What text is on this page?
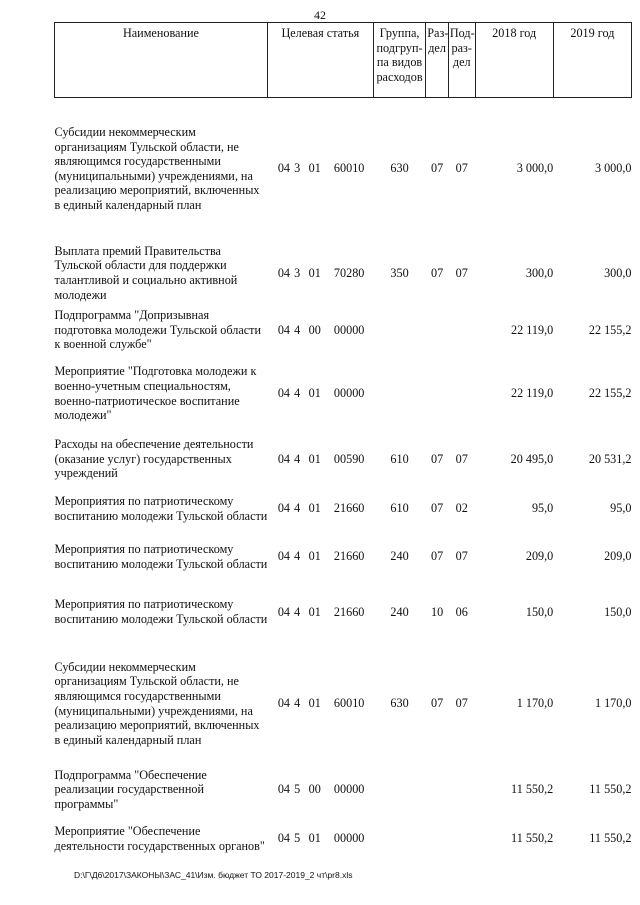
42
Наименование	Целевая статья				Группа, подгруп-па видов расходов	Раз-дел	Под-раз-дел	2018 год	2019 год
Субсидии некоммерческим организациям Тульской области, не являющимся государственными (муниципальными) учреждениями, на реализацию мероприятий, включенных в единый календарный план	04	3	01	60010	630	07	07	3 000,0	3 000,0
Выплата премий Правительства Тульской области для поддержки талантливой и социально активной молодежи	04	3	01	70280	350	07	07	300,0	300,0
Подпрограмма "Допризывная подготовка молодежи Тульской области к военной службе"	04	4	00	00000				22 119,0	22 155,2
Мероприятие "Подготовка молодежи к военно-учетным специальностям, военно-патриотическое воспитание молодежи"	04	4	01	00000				22 119,0	22 155,2
Расходы на обеспечение деятельности (оказание услуг) государственных учреждений	04	4	01	00590	610	07	07	20 495,0	20 531,2
Мероприятия по патриотическому воспитанию молодежи Тульской области	04	4	01	21660	610	07	02	95,0	95,0
Мероприятия по патриотическому воспитанию молодежи Тульской области	04	4	01	21660	240	07	07	209,0	209,0
Мероприятия по патриотическому воспитанию молодежи Тульской области	04	4	01	21660	240	10	06	150,0	150,0
Субсидии некоммерческим организациям Тульской области, не являющимся государственными (муниципальными) учреждениями, на реализацию мероприятий, включенных в единый календарный план	04	4	01	60010	630	07	07	1 170,0	1 170,0
Подпрограмма "Обеспечение реализации государственной программы"	04	5	00	00000				11 550,2	11 550,2
Мероприятие "Обеспечение деятельности государственных органов"	04	5	01	00000				11 550,2	11 550,2
D:\Г\Д6\2017\ЗАКОНЫ\ЗАС_41\Изм. бюджет ТО 2017-2019_2 чт\pr8.xls
